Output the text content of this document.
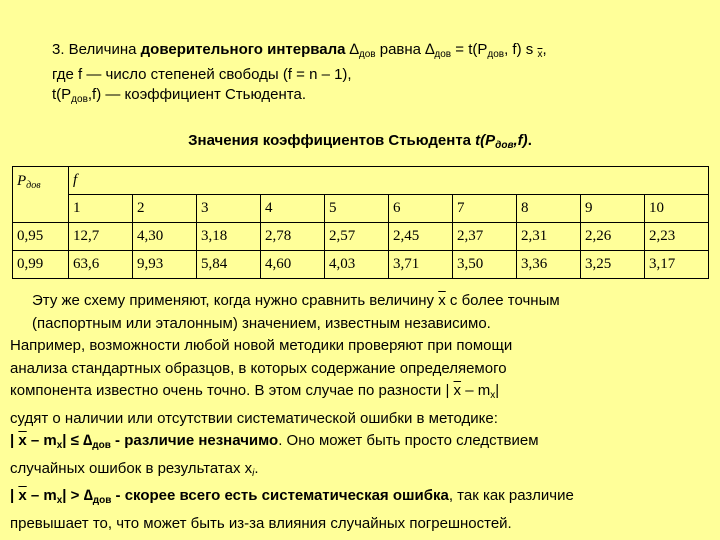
3. Величина доверительного интервала $\Delta_{дов}$ равна $\Delta_{дов} = t(P_{дов}$, f) s $_{\overline{x}}$,

где f — число степеней свободы (f = n – 1),

$t(P_{дов},f)$ — коэффициент Стьюдента.

Значения коэффициентов Стьюдента $t(P_{дов},f)$.
$P_{дов}$	f									
	1	2	3	4	5	6	7	8	9	10
0,95	12,7	4,30	3,18	2,78	2,57	2,45	2,37	2,31	2,26	2,23
0,99	63,6	9,93	5,84	4,60	4,03	3,71	3,50	3,36	3,25	3,17

Эту же схему применяют, когда нужно сравнить величину $\overline{x}$ с более точным

(паспортным или эталонным) значением, известным независимо.

Например, возможности любой новой методики проверяют при помощи

анализа стандартных образцов, в которых содержание определяемого

компонента известно очень точно. В этом случае по разности | $\overline{x} - m_x|$

судят о наличии или отсутствии систематической ошибки в методике:

| $\overline{x} - m_x| \le \Delta_{дов}$ - различие незначимо. Оно может быть просто следствием

случайных ошибок в результатах $x_i$.

| $\overline{x} - m_x| > \Delta_{дов}$ - скорее всего есть систематическая ошибка, так как различие

превышает то, что может быть из-за влияния случайных погрешностей.
